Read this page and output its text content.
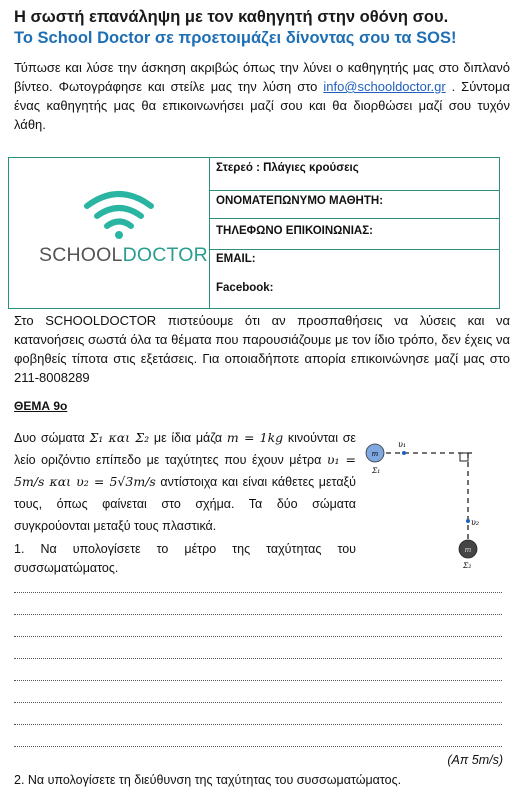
Η σωστή επανάληψη με τον καθηγητή στην οθόνη σου.
Το School Doctor σε προετοιμάζει δίνοντας σου τα SOS!
Τύπωσε και λύσε την άσκηση ακριβώς όπως την λύνει ο καθηγητής μας στο διπλανό βίντεο. Φωτογράφησε και στείλε μας την λύση στο info@schooldoctor.gr . Σύντομα ένας καθηγητής μας θα επικοινωνήσει μαζί σου και θα διορθώσει μαζί σου τυχόν λάθη.
SCHOOLDOCTOR
Στερεό : Πλάγιες κρούσεις
ΟΝΟΜΑΤΕΠΩΝΥΜΟ ΜΑΘΗΤΗ:
ΤΗΛΕΦΩΝΟ ΕΠΙΚΟΙΝΩΝΙΑΣ:
EMAIL:
Facebook:
Στο SCHOOLDOCTOR πιστεύουμε ότι αν προσπαθήσεις να λύσεις και να κατανοήσεις σωστά όλα τα θέματα που παρουσιάζουμε με τον ίδιο τρόπο, δεν έχεις να φοβηθείς τίποτα στις εξετάσεις. Για οποιαδήποτε απορία επικοινώνησε μαζί μας στο 211-8008289
ΘΕΜΑ 9ο
Δυο σώματα Σ₁ και Σ₂ με ίδια μάζα m = 1kg κινούνται σε λείο οριζόντιο επίπεδο με ταχύτητες που έχουν μέτρα υ₁ = 5m/s και υ₂ = 5√3m/s αντίστοιχα και είναι κάθετες μεταξύ τους, όπως φαίνεται στο σχήμα. Τα δύο σώματα συγκρούονται μεταξύ τους πλαστικά.
1. Να υπολογίσετε το μέτρο της ταχύτητας του συσσωματώματος.
m
υ₁
Σ₁
υ₂
m
Σ₂
(Απ 5m/s)
2. Να υπολογίσετε τη διεύθυνση της ταχύτητας του συσσωματώματος.
